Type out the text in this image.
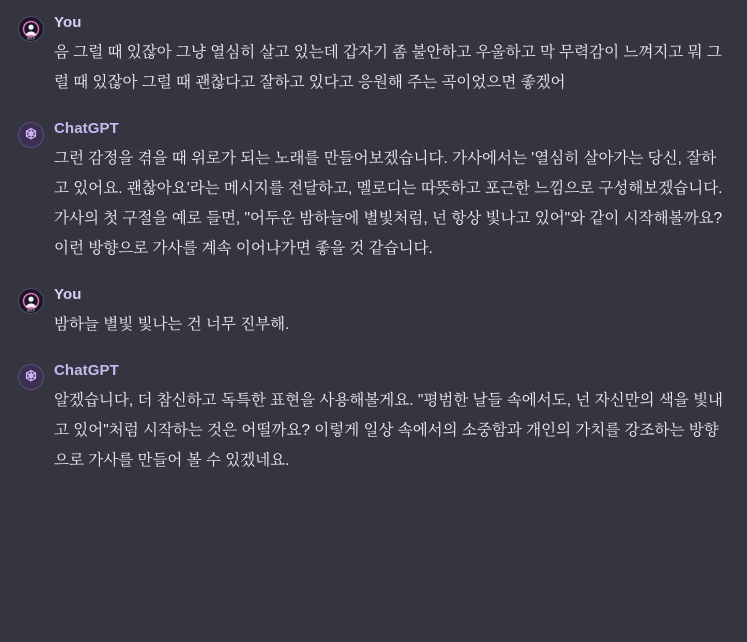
HELP
You
음 그럴 때 있잖아 그냥 열심히 살고 있는데 갑자기 좀 불안하고 우울하고 막 무력감이 느껴지고 뭐 그럴 때 있잖아 그럴 때 괜찮다고 잘하고 있다고 응원해 주는 곡이었으면 좋겠어
ChatGPT
그런 감정을 겪을 때 위로가 되는 노래를 만들어보겠습니다. 가사에서는 '열심히 살아가는 당신, 잘하고 있어요. 괜찮아요'라는 메시지를 전달하고, 멜로디는 따뜻하고 포근한 느낌으로 구성해보겠습니다. 가사의 첫 구절을 예로 들면, "어두운 밤하늘에 별빛처럼, 넌 항상 빛나고 있어"와 같이 시작해볼까요? 이런 방향으로 가사를 계속 이어나가면 좋을 것 같습니다.
HELP
You
밤하늘 별빛 빛나는 건 너무 진부해.
ChatGPT
알겠습니다, 더 참신하고 독특한 표현을 사용해볼게요. "평범한 날들 속에서도, 넌 자신만의 색을 빛내고 있어"처럼 시작하는 것은 어떨까요? 이렇게 일상 속에서의 소중함과 개인의 가치를 강조하는 방향으로 가사를 만들어 볼 수 있겠네요.
